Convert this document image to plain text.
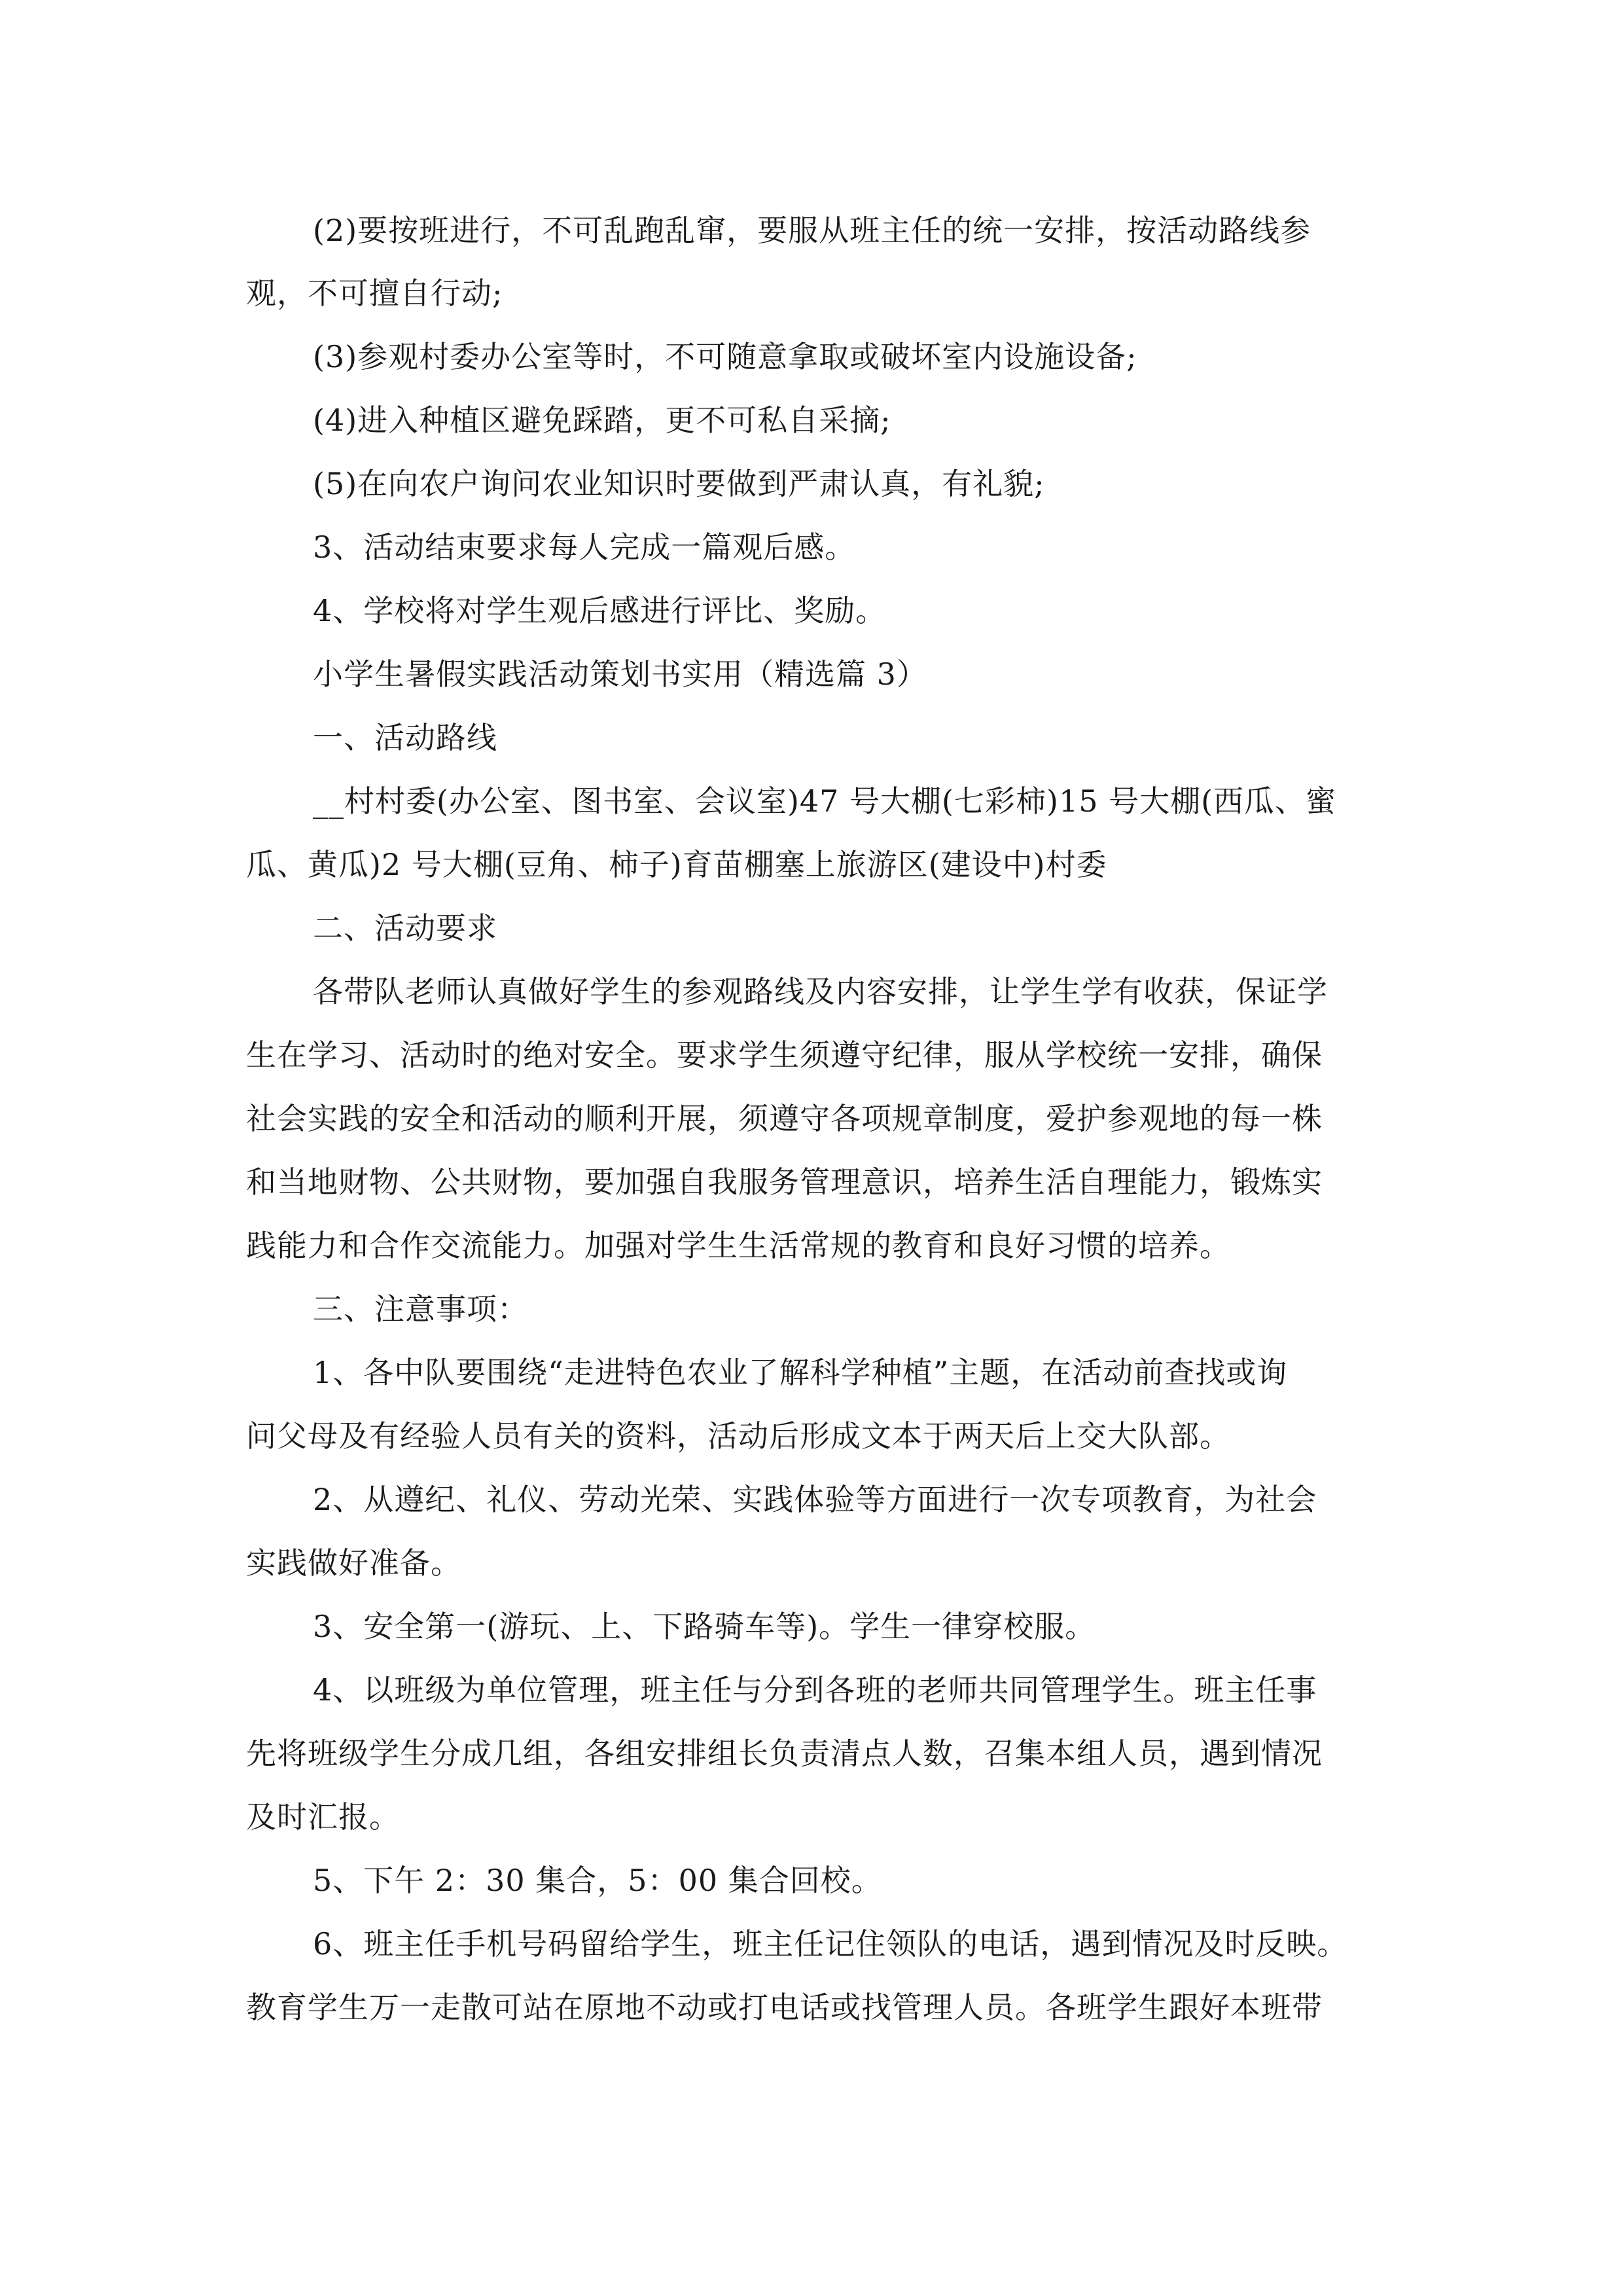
(2)要按班进行，不可乱跑乱窜，要服从班主任的统一安排，按活动路线参
观，不可擅自行动;
(3)参观村委办公室等时，不可随意拿取或破坏室内设施设备;
(4)进入种植区避免踩踏，更不可私自采摘;
(5)在向农户询问农业知识时要做到严肃认真，有礼貌;
3、活动结束要求每人完成一篇观后感。
4、学校将对学生观后感进行评比、奖励。
小学生暑假实践活动策划书实用（精选篇 3）
一、活动路线
__村村委(办公室、图书室、会议室)47 号大棚(七彩柿)15 号大棚(西瓜、蜜
瓜、黄瓜)2 号大棚(豆角、柿子)育苗棚塞上旅游区(建设中)村委
二、活动要求
各带队老师认真做好学生的参观路线及内容安排，让学生学有收获，保证学
生在学习、活动时的绝对安全。要求学生须遵守纪律，服从学校统一安排，确保
社会实践的安全和活动的顺利开展，须遵守各项规章制度，爱护参观地的每一株
和当地财物、公共财物，要加强自我服务管理意识，培养生活自理能力，锻炼实
践能力和合作交流能力。加强对学生生活常规的教育和良好习惯的培养。
三、注意事项：
1、各中队要围绕“走进特色农业了解科学种植”主题，在活动前查找或询
问父母及有经验人员有关的资料，活动后形成文本于两天后上交大队部。
2、从遵纪、礼仪、劳动光荣、实践体验等方面进行一次专项教育，为社会
实践做好准备。
3、安全第一(游玩、上、下路骑车等)。学生一律穿校服。
4、以班级为单位管理，班主任与分到各班的老师共同管理学生。班主任事
先将班级学生分成几组，各组安排组长负责清点人数，召集本组人员，遇到情况
及时汇报。
5、下午 2：30 集合，5：00 集合回校。
6、班主任手机号码留给学生，班主任记住领队的电话，遇到情况及时反映。
教育学生万一走散可站在原地不动或打电话或找管理人员。各班学生跟好本班带
